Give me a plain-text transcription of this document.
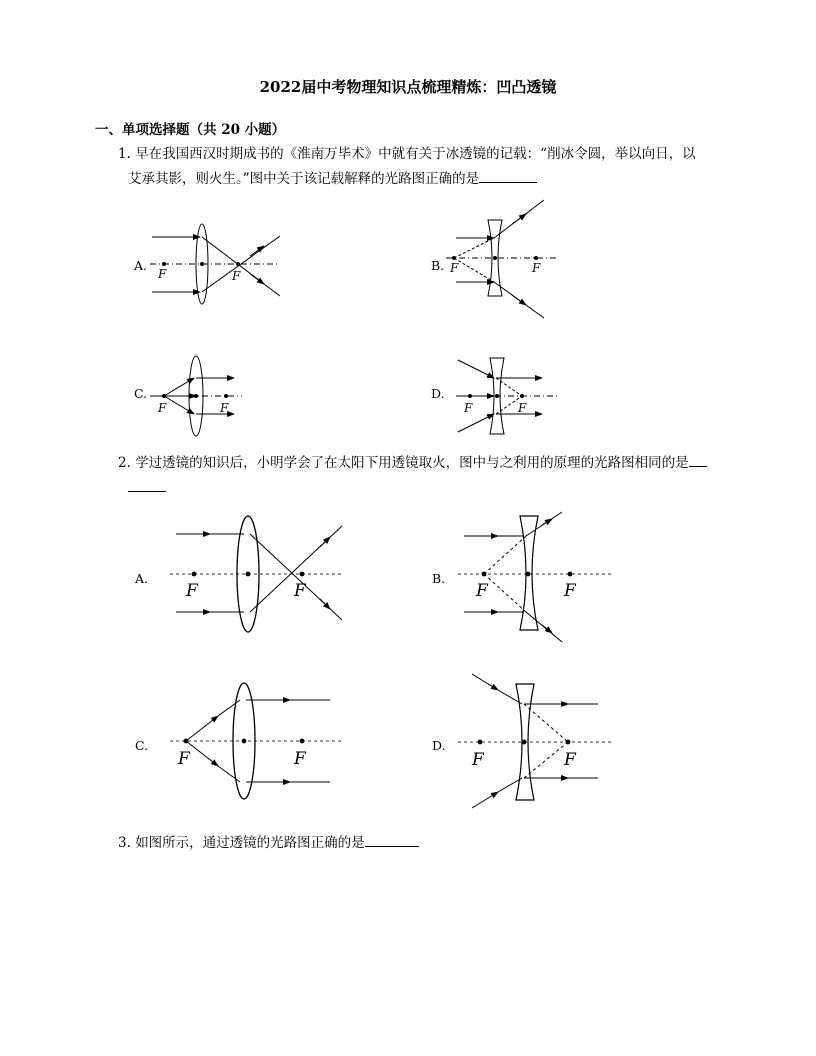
2022届中考物理知识点梳理精炼：凹凸透镜
一、单项选择题（共 20 小题）
1. 早在我国西汉时期成书的《淮南万毕术》中就有关于冰透镜的记载：“削冰令圆，举以向日，以
艾承其影，则火生。”图中关于该记载解释的光路图正确的是
A.	B.
C.	D.
F	F
F	F
F	F	F	F
2. 学过透镜的知识后，小明学会了在太阳下用透镜取火，图中与之利用的原理的光路图相同的是

A.	B.
C.	D.
F	F	F	F
F	F	F	F
3. 如图所示，通过透镜的光路图正确的是
